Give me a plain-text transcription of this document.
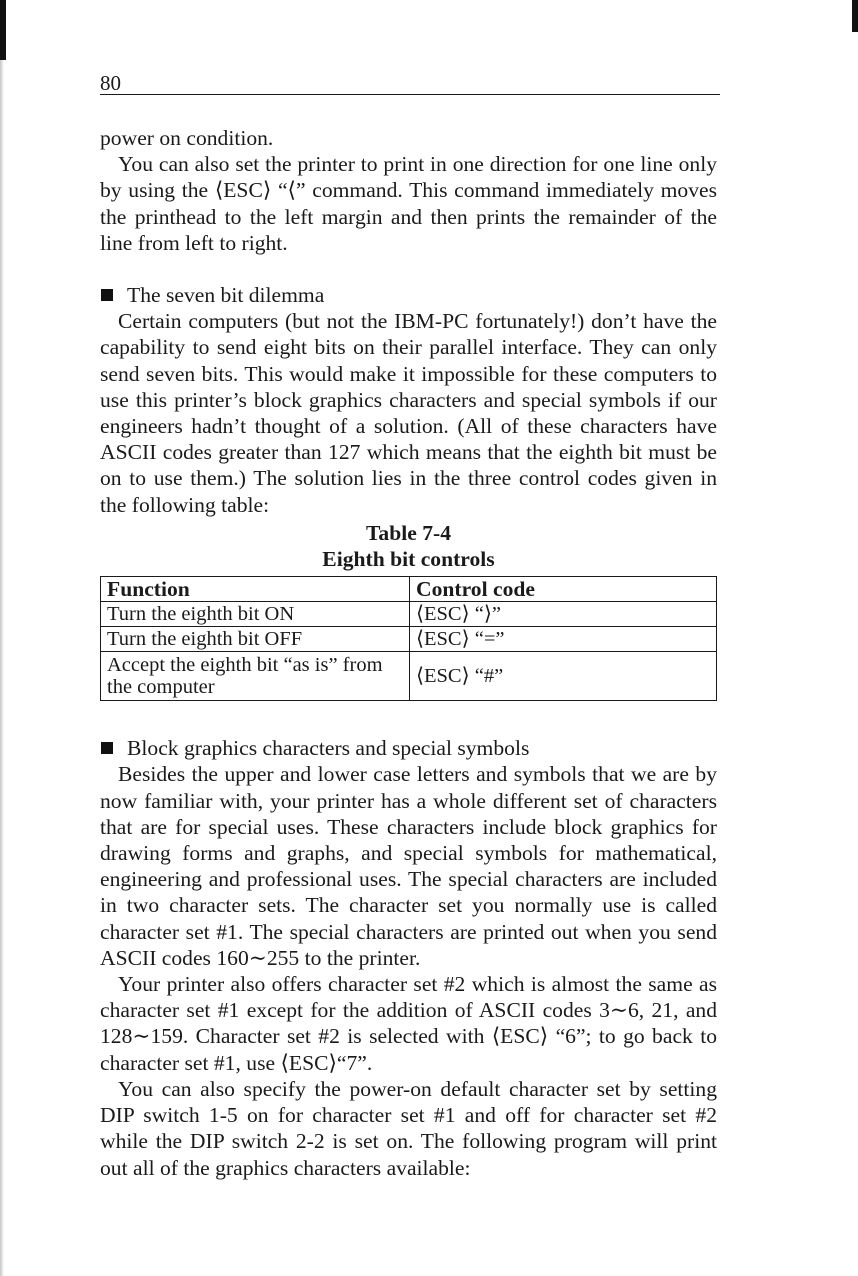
80

power on condition.

You can also set the printer to print in one direction for one line only by using the ⟨ESC⟩ “⟨” command. This command immediately moves the printhead to the left margin and then prints the remainder of the line from left to right.

The seven bit dilemma

Certain computers (but not the IBM-PC fortunately!) don’t have the capability to send eight bits on their parallel interface. They can only send seven bits. This would make it impossible for these computers to use this printer’s block graphics characters and special symbols if our engineers hadn’t thought of a solution. (All of these characters have ASCII codes greater than 127 which means that the eighth bit must be on to use them.) The solution lies in the three control codes given in the following table:

Table 7-4
Eighth bit controls
Function	Control code
Turn the eighth bit ON	⟨ESC⟩ “⟩”
Turn the eighth bit OFF	⟨ESC⟩ “=”
Accept the eighth bit “as is” from the computer	⟨ESC⟩ “#”
Block graphics characters and special symbols

Besides the upper and lower case letters and symbols that we are by now familiar with, your printer has a whole different set of characters that are for special uses. These characters include block graphics for drawing forms and graphs, and special symbols for mathematical, engineering and professional uses. The special characters are included in two character sets. The character set you normally use is called character set #1. The special characters are printed out when you send ASCII codes 160∼255 to the printer.

Your printer also offers character set #2 which is almost the same as character set #1 except for the addition of ASCII codes 3∼6, 21, and 128∼159. Character set #2 is selected with ⟨ESC⟩ “6”; to go back to character set #1, use ⟨ESC⟩“7”.

You can also specify the power-on default character set by setting DIP switch 1-5 on for character set #1 and off for character set #2 while the DIP switch 2-2 is set on. The following program will print out all of the graphics characters available:
